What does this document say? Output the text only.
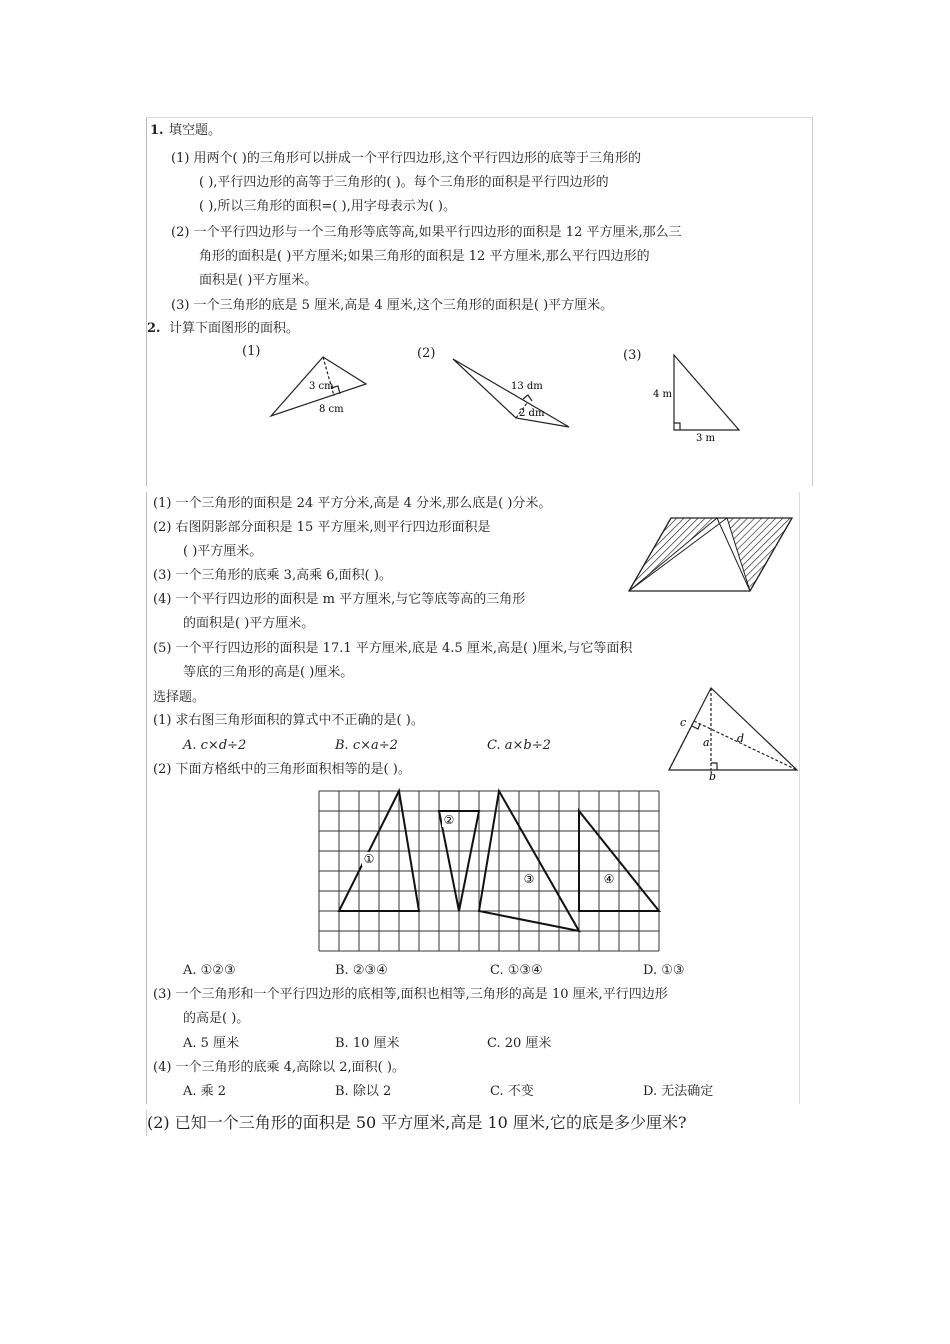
1. 填空题。
(1) 用两个( )的三角形可以拼成一个平行四边形,这个平行四边形的底等于三角形的
( ),平行四边形的高等于三角形的( )。每个三角形的面积是平行四边形的
( ),所以三角形的面积=( ),用字母表示为( )。
(2) 一个平行四边形与一个三角形等底等高,如果平行四边形的面积是 12 平方厘米,那么三
角形的面积是( )平方厘米;如果三角形的面积是 12 平方厘米,那么平行四边形的
面积是( )平方厘米。
(3) 一个三角形的底是 5 厘米,高是 4 厘米,这个三角形的面积是( )平方厘米。
2. 计算下面图形的面积。
(1)	(2)	(3)
3 cm
8 cm
13 dm
2 dm
4 m
3 m
(1) 一个三角形的面积是 24 平方分米,高是 4 分米,那么底是( )分米。
(2) 右图阴影部分面积是 15 平方厘米,则平行四边形面积是
( )平方厘米。
(3) 一个三角形的底乘 3,高乘 6,面积( )。
(4) 一个平行四边形的面积是 m 平方厘米,与它等底等高的三角形
的面积是( )平方厘米。
(5) 一个平行四边形的面积是 17.1 平方厘米,底是 4.5 厘米,高是( )厘米,与它等面积
等底的三角形的高是( )厘米。
选择题。
(1) 求右图三角形面积的算式中不正确的是( )。
A. c×d÷2	B. c×a÷2	C. a×b÷2
c
a d
b
(2) 下面方格纸中的三角形面积相等的是( )。
①
②
③	④
A. ①②③	B. ②③④	C. ①③④	D. ①③
(3) 一个三角形和一个平行四边形的底相等,面积也相等,三角形的高是 10 厘米,平行四边形
的高是( )。
A. 5 厘米	B. 10 厘米	C. 20 厘米
(4) 一个三角形的底乘 4,高除以 2,面积( )。
A. 乘 2	B. 除以 2	C. 不变	D. 无法确定
(2) 已知一个三角形的面积是 50 平方厘米,高是 10 厘米,它的底是多少厘米?
